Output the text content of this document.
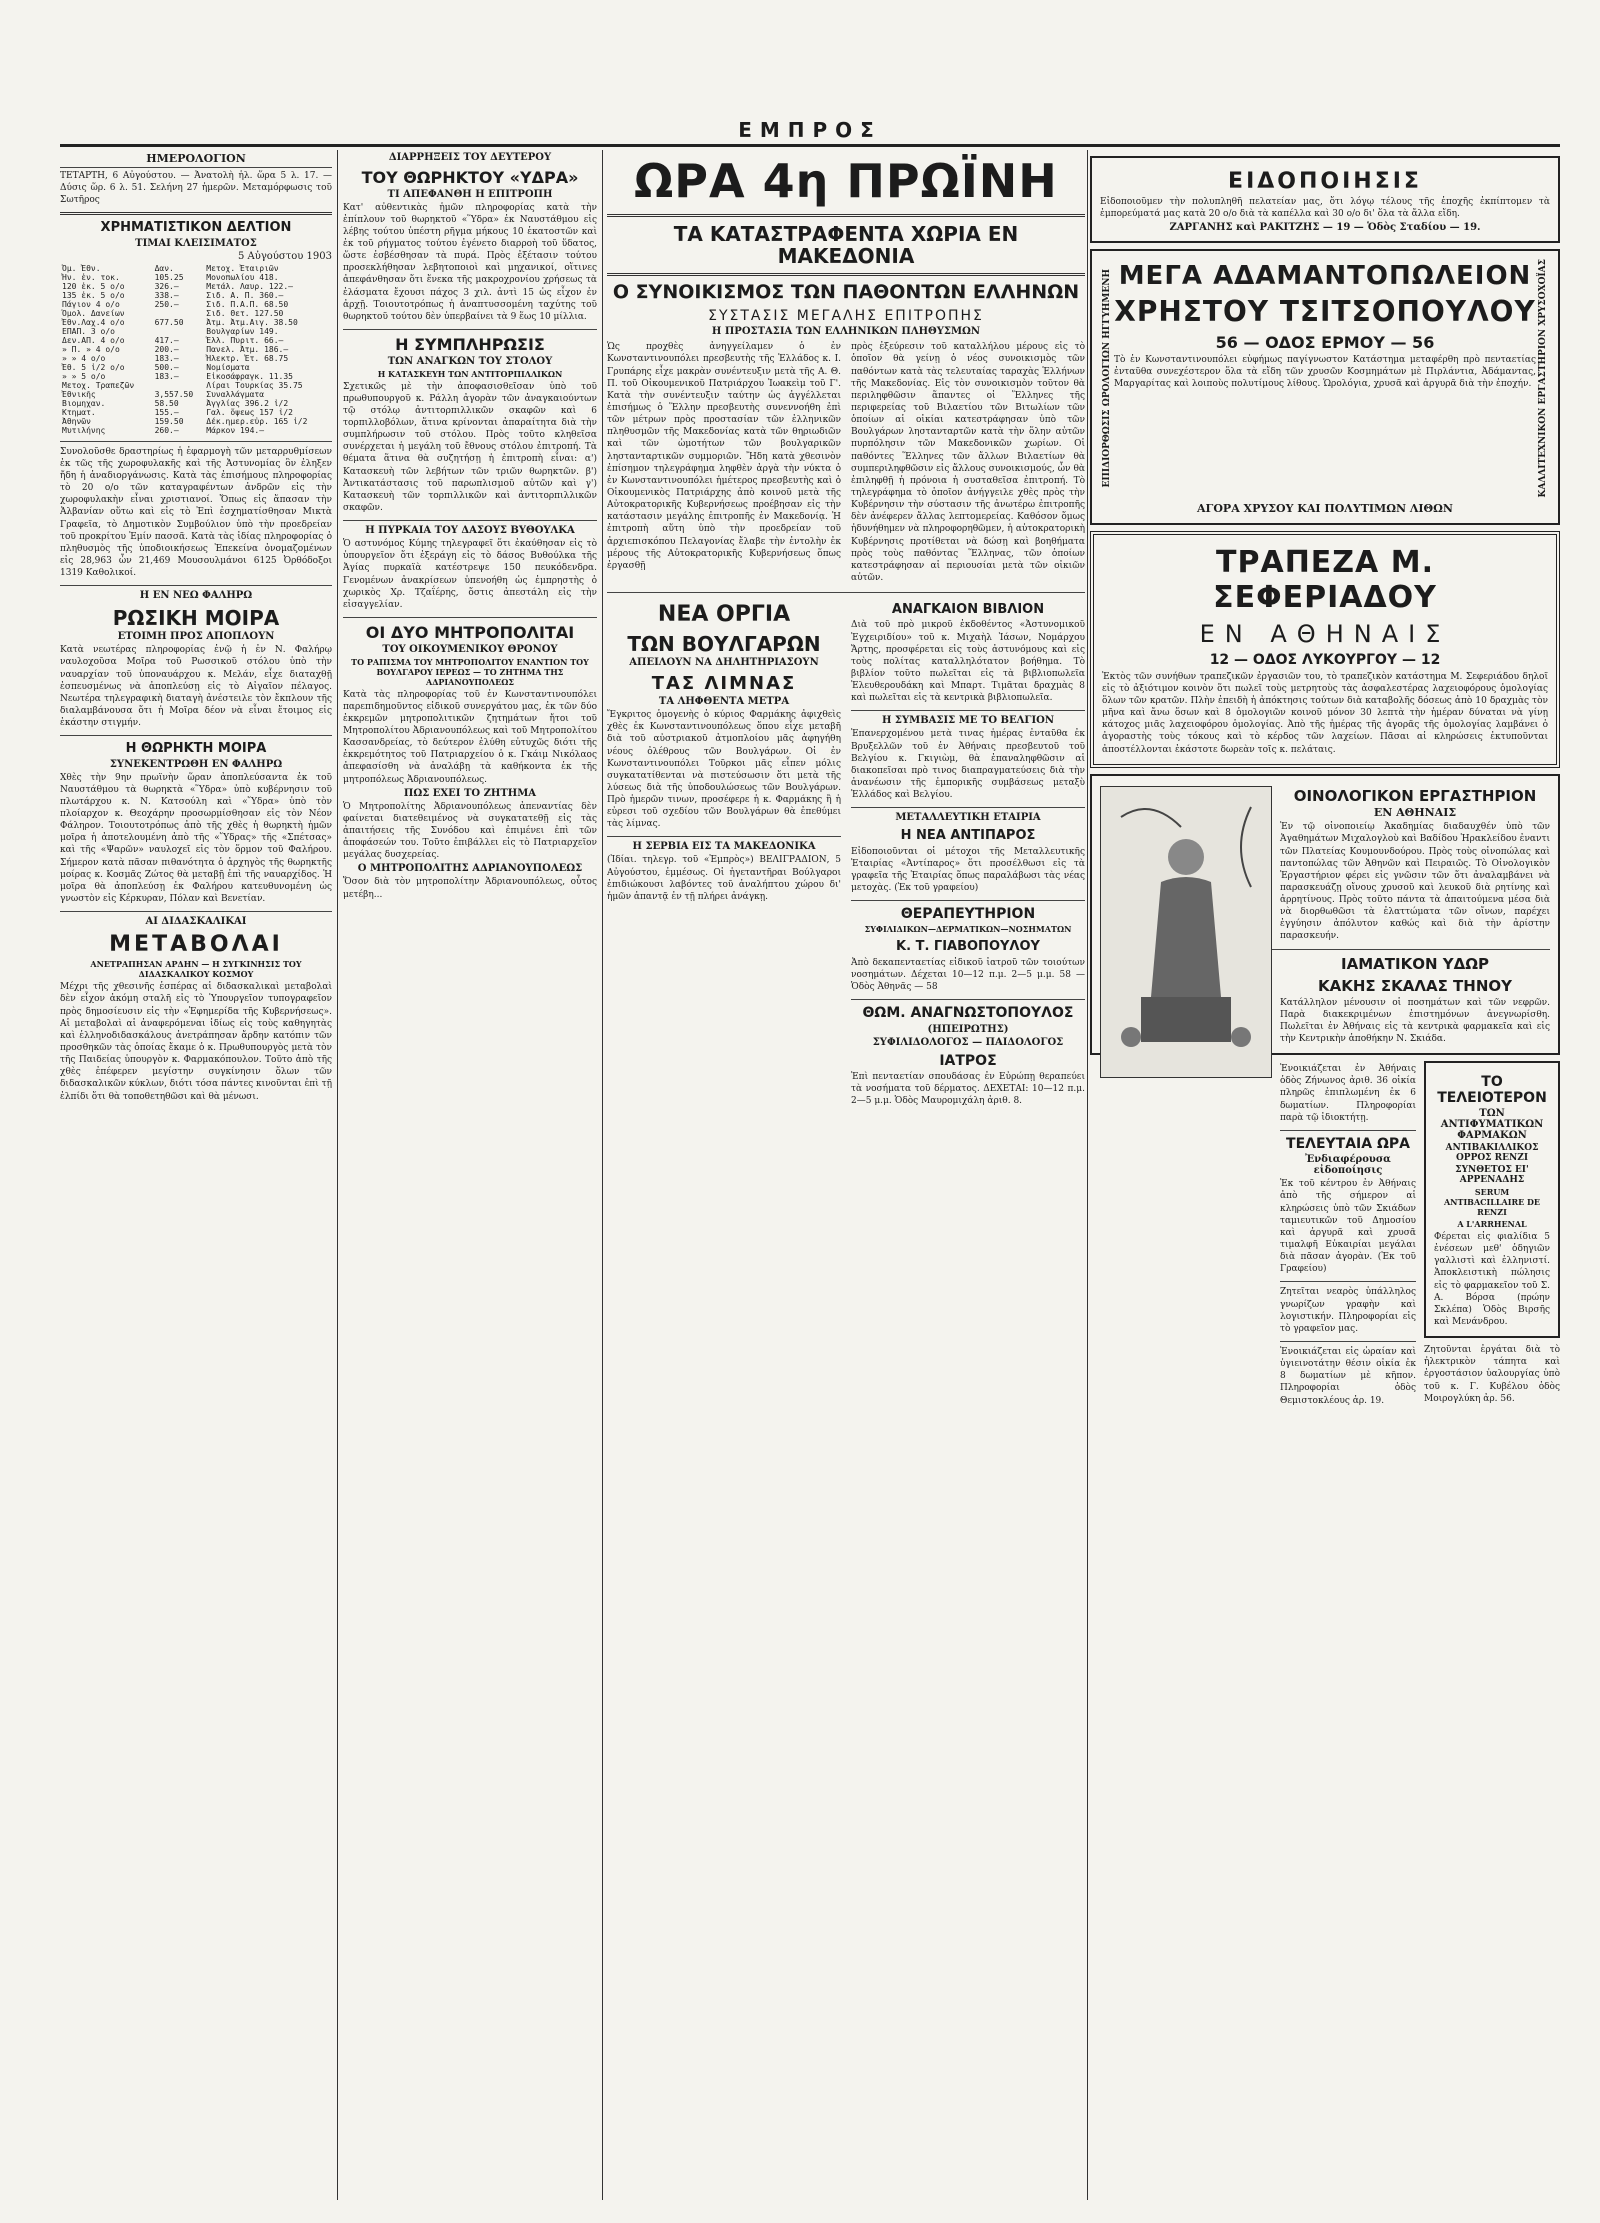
ΕΜΠΡΟΣ
ΗΜΕΡΟΛΟΓΙΟΝ
ΤΕΤΑΡΤΗ, 6 Αὐγούστου. — Ἀνατολὴ ἡλ. ὥρα 5 λ. 17. — Δύσις ὥρ. 6 λ. 51. Σελήνη 27 ἡμερῶν. Μεταμόρφωσις τοῦ Σωτῆρος
ΧΡΗΜΑΤΙΣΤΙΚΟΝ ΔΕΛΤΙΟΝ
ΤΙΜΑΙ ΚΛΕΙΣΙΜΑΤΟΣ
5 Αὐγούστου 1903
Ὀμ. Ἐθν.	Δαν.	Μετοχ. Ἐταιριῶν
Ἠν. ἐν. τοκ.	105.25	Μονοπωλίου 418.
120 ἐκ. 5 ο/ο	326.—	Μετάλ. Λαυρ. 122.—
135 ἐκ. 5 ο/ο	338.—	Σιδ. Α. Π. 360.—
Πάγιον 4 ο/ο	250.—	Σιδ. Π.Α.Π. 68.50
Ὁμολ. Δανείων		Σιδ. Θετ. 127.50
Ἐθν.Λαχ.4 ο/ο	677.50	Ἀτμ. Ἀτμ.Αιγ. 38.50
ΕΠΑΠ. 3 ο/ο		Βουλγαρίων 149.
Δεν.ΑΠ. 4 ο/ο	417.—	Ἑλλ. Πυριτ. 66.—
» Π. » 4 ο/ο	200.—	Πανελ. Ἀτμ. 186.—
» » 4 ο/ο	183.—	Ἠλεκτρ. Ἑτ. 68.75
Ἐθ. 5 ἰ/2 ο/ο	500.—	Νομίσματα
» » 5 ο/ο	183.—	Εἰκοσάφραγκ. 11.35
Μετοχ. Τραπεζῶν		Λίραι Τουρκίας 35.75
Ἐθνικῆς	3,557.50	Συναλλάγματα
Βιομηχαν.	58.50	Ἀγγλίας 396.2 ἰ/2
Κτηματ.	155.—	Γαλ. ὄψεως 157 ἰ/2
Ἀθηνῶν	159.50	Δέκ.ημερ.εὐρ. 165 ἰ/2
Μυτιλήνης	260.—	Μάρκον 194.—
Συνολοῦσθε δραστηρίως ἡ ἐφαρμογὴ τῶν μεταρρυθμίσεων ἐκ τῶς τῆς χωροφυλακῆς καὶ τῆς Ἀστυνομίας ὃν ἐληξεν ἤδη ἡ ἀναδιοργάνωσις. Κατὰ τὰς ἐπισήμους πληροφορίας τὸ 20 ο/ο τῶν καταγραφέντων ἀνδρῶν εἰς τὴν χωροφυλακὴν εἶναι χριστιανοί. Ὅπως εἰς ἅπασαν τὴν Ἀλβανίαν οὕτω καὶ εἰς τὸ Ἐπὶ ἐσχηματίσθησαν Μικτὰ Γραφεῖα, τὸ Δημοτικὸν Συμβούλιον ὑπὸ τὴν προεδρείαν τοῦ προκρίτου Ἐμίν πασσᾶ. Κατὰ τὰς ἰδίας πληροφορίας ὁ πληθυσμὸς τῆς ὑποδιοικήσεως Ἐπεκείνα ὀνομαζομένων εἰς 28,963 ὧν 21,469 Μουσουλμάνοι 6125 Ὀρθόδοξοι 1319 Καθολικοί.
Η ΕΝ ΝΕΩ ΦΑΛΗΡΩ
ΡΩΣΙΚΗ ΜΟΙΡΑ
ΕΤΟΙΜΗ ΠΡΟΣ ΑΠΟΠΛΟΥΝ
Κατὰ νεωτέρας πληροφορίας ἐνῷ ἡ ἐν Ν. Φαλήρῳ ναυλοχοῦσα Μοῖρα τοῦ Ρωσσικοῦ στόλου ὑπὸ τὴν ναυαρχίαν τοῦ ὑποναυάρχου κ. Μελάν, εἶχε διαταχθῇ ἐσπευσμένως νὰ ἀποπλεύσῃ εἰς τὸ Αἰγαῖον πέλαγος. Νεωτέρα τηλεγραφικὴ διαταγὴ ἀνέστειλε τὸν ἔκπλουν τῆς διαλαμβάνουσα ὅτι ἡ Μοῖρα δέον νὰ εἶναι ἕτοιμος εἰς ἑκάστην στιγμήν.
Η ΘΩΡΗΚΤΗ ΜΟΙΡΑ
ΣΥΝΕΚΕΝΤΡΩΘΗ ΕΝ ΦΑΛΗΡΩ
Χθὲς τὴν 9ην πρωϊνὴν ὥραν ἀποπλεύσαντα ἐκ τοῦ Ναυστάθμου τὰ θωρηκτὰ «Ὕδρα» ὑπὸ κυβέρνησιν τοῦ πλωτάρχου κ. Ν. Κατσούλη καὶ «Ὕδρα» ὑπὸ τὸν πλοίαρχον κ. Θεοχάρην προσωρμίσθησαν εἰς τὸν Νέον Φάληρον. Τοιουτοτρόπως ἀπὸ τῆς χθὲς ἡ θωρηκτὴ ἡμῶν μοῖρα ἡ ἀποτελουμένη ἀπὸ τῆς «Ὕδρας» τῆς «Σπέτσας» καὶ τῆς «Ψαρῶν» ναυλοχεῖ εἰς τὸν ὅρμον τοῦ Φαλήρου. Σήμερον κατὰ πᾶσαν πιθανότητα ὁ ἀρχηγὸς τῆς θωρηκτῆς μοίρας κ. Κοσμᾶς Ζώτος θὰ μεταβῇ ἐπὶ τῆς ναυαρχίδος. Ἡ μοῖρα θὰ ἀποπλεύσῃ ἐκ Φαλήρου κατευθυνομένη ὡς γνωστὸν εἰς Κέρκυραν, Πόλαν καὶ Βενετίαν.
ΑΙ ΔΙΔΑΣΚΑΛΙΚΑΙ
ΜΕΤΑΒΟΛΑΙ
ΑΝΕΤΡΑΠΗΣΑΝ ΑΡΔΗΝ — Η ΣΥΓΚΙΝΗΣΙΣ ΤΟΥ ΔΙΔΑΣΚΑΛΙΚΟΥ ΚΟΣΜΟΥ
Μέχρι τῆς χθεσινῆς ἑσπέρας αἱ διδασκαλικαὶ μεταβολαὶ δὲν εἶχον ἀκόμη σταλῆ εἰς τὸ Ὑπουργεῖον τυπογραφεῖον πρὸς δημοσίευσιν εἰς τὴν «Ἐφημερίδα τῆς Κυβερνήσεως». Αἱ μεταβολαὶ αἱ ἀναφερόμεναι ἰδίως εἰς τοὺς καθηγητὰς καὶ ἑλληνοδιδασκάλους ἀνετράπησαν ἄρδην κατόπιν τῶν προσθηκῶν τὰς ὁποίας ἔκαμε ὁ κ. Πρωθυπουργὸς μετὰ τὸν τῆς Παιδείας ὑπουργὸν κ. Φαρμακόπουλον. Τοῦτο ἀπὸ τῆς χθὲς ἐπέφερεν μεγίστην συγκίνησιν ὅλων τῶν διδασκαλικῶν κύκλων, διότι τόσα πάντες κινοῦνται ἐπὶ τῇ ἐλπίδι ὅτι θὰ τοποθετηθῶσι καὶ θὰ μένωσι.
ΔΙΑΡΡΗΞΕΙΣ ΤΟΥ ΔΕΥΤΕΡΟΥ
ΤΟΥ ΘΩΡΗΚΤΟΥ «ΥΔΡΑ»
ΤΙ ΑΠΕΦΑΝΘΗ Η ΕΠΙΤΡΟΠΗ
Κατ' αὐθεντικὰς ἡμῶν πληροφορίας κατὰ τὴν ἐπίπλουν τοῦ θωρηκτοῦ «Ὕδρα» ἐκ Ναυστάθμου εἰς λέβης τούτου ὑπέστη ρῆγμα μήκους 10 ἑκατοστῶν καὶ ἐκ τοῦ ρήγματος τούτου ἐγένετο διαρροὴ τοῦ ὕδατος, ὥστε ἐσβέσθησαν τὰ πυρά. Πρὸς ἐξέτασιν τούτου προσεκλήθησαν λεβητοποιοὶ καὶ μηχανικοί, οἵτινες ἀπεφάνθησαν ὅτι ἕνεκα τῆς μακροχρονίου χρήσεως τὰ ἐλάσματα ἔχουσι πάχος 3 χιλ. ἀντὶ 15 ὡς εἶχον ἐν ἀρχῇ. Τοιουτοτρόπως ἡ ἀναπτυσσομένη ταχύτης τοῦ θωρηκτοῦ τούτου δὲν ὑπερβαίνει τὰ 9 ἕως 10 μίλλια.
Η ΣΥΜΠΛΗΡΩΣΙΣ
ΤΩΝ ΑΝΑΓΚΩΝ ΤΟΥ ΣΤΟΛΟΥ
Η ΚΑΤΑΣΚΕΥΗ ΤΩΝ ΑΝΤΙΤΟΡΠΙΛΛΙΚΩΝ
Σχετικῶς μὲ τὴν ἀποφασισθεῖσαν ὑπὸ τοῦ πρωθυπουργοῦ κ. Ράλλη ἀγορὰν τῶν ἀναγκαιούντων τῷ στόλῳ ἀντιτορπιλλικῶν σκαφῶν καὶ 6 τορπιλλοβόλων, ἅτινα κρίνονται ἀπαραίτητα διὰ τὴν συμπλήρωσιν τοῦ στόλου. Πρὸς τοῦτο κληθεῖσα συνέρχεται ἡ μεγάλη τοῦ ἔθνους στόλου ἐπιτροπή. Τὰ θέματα ἅτινα θὰ συζητήσῃ ἡ ἐπιτροπὴ εἶναι: α') Κατασκευὴ τῶν λεβήτων τῶν τριῶν θωρηκτῶν. β') Ἀντικατάστασις τοῦ παρωπλισμοῦ αὐτῶν καὶ γ') Κατασκευὴ τῶν τορπιλλικῶν καὶ ἀντιτορπιλλικῶν σκαφῶν.
Η ΠΥΡΚΑΙΑ ΤΟΥ ΔΑΣΟΥΣ ΒΥΘΟΥΛΚΑ
Ὁ αστυνόμος Κύμης τηλεγραφεῖ ὅτι ἐκαύθησαν εἰς τὸ ὑπουργεῖον ὅτι ἐξεράγη εἰς τὸ δάσος Βυθούλκα τῆς Ἀγίας πυρκαϊὰ κατέστρεψε 150 πευκόδενδρα. Γενομένων ἀνακρίσεων ὑπενοήθη ὡς ἐμπρηστὴς ὁ χωρικὸς Χρ. Τζαΐέρης, ὅστις ἀπεστάλη εἰς τὴν εἰσαγγελίαν.
ΟΙ ΔΥΟ ΜΗΤΡΟΠΟΛΙΤΑΙ
ΤΟΥ ΟΙΚΟΥΜΕΝΙΚΟΥ ΘΡΟΝΟΥ
ΤΟ ΡΑΠΙΣΜΑ ΤΟΥ ΜΗΤΡΟΠΟΛΙΤΟΥ ΕΝΑΝΤΙΟΝ ΤΟΥ ΒΟΥΛΓΑΡΟΥ ΙΕΡΕΩΣ — ΤΟ ΖΗΤΗΜΑ ΤΗΣ ΑΔΡΙΑΝΟΥΠΟΛΕΩΣ
Κατὰ τὰς πληροφορίας τοῦ ἐν Κωνσταντινουπόλει παρεπιδημοῦντος εἰδικοῦ συνεργάτου μας, ἐκ τῶν δύο ἐκκρεμῶν μητροπολιτικῶν ζητημάτων ἤτοι τοῦ Μητροπολίτου Ἀδριανουπόλεως καὶ τοῦ Μητροπολίτου Κασσανδρείας, τὸ δεύτερον ἐλύθη εὐτυχῶς διότι τῆς ἐκκρεμότητος τοῦ Πατριαρχείου ὁ κ. Γκάιμ Νικόλαος ἀπεφασίσθη νὰ ἀναλάβῃ τὰ καθήκοντα ἐκ τῆς μητροπόλεως Ἀδριανουπόλεως.
ΠΩΣ ΕΧΕΙ ΤΟ ΖΗΤΗΜΑ
Ὁ Μητροπολίτης Ἀδριανουπόλεως ἀπεναντίας δὲν φαίνεται διατεθειμένος νὰ συγκατατεθῇ εἰς τὰς ἀπαιτήσεις τῆς Συνόδου καὶ ἐπιμένει ἐπὶ τῶν ἀποφάσεών του. Τοῦτο ἐπιβάλλει εἰς τὸ Πατριαρχεῖον μεγάλας δυσχερείας.
Ο ΜΗΤΡΟΠΟΛΙΤΗΣ ΑΔΡΙΑΝΟΥΠΟΛΕΩΣ
Ὅσον διὰ τὸν μητροπολίτην Ἀδριανουπόλεως, οὗτος μετέβη...
ΩΡΑ 4η ΠΡΩΪΝΗ
ΤΑ ΚΑΤΑΣΤΡΑΦΕΝΤΑ ΧΩΡΙΑ ΕΝ ΜΑΚΕΔΟΝΙΑ
Ο ΣΥΝΟΙΚΙΣΜΟΣ ΤΩΝ ΠΑΘΟΝΤΩΝ ΕΛΛΗΝΩΝ
ΣΥΣΤΑΣΙΣ ΜΕΓΑΛΗΣ ΕΠΙΤΡΟΠΗΣ
Η ΠΡΟΣΤΑΣΙΑ ΤΩΝ ΕΛΛΗΝΙΚΩΝ ΠΛΗΘΥΣΜΩΝ
Ὡς προχθὲς ἀνηγγείλαμεν ὁ ἐν Κωνσταντινουπόλει πρεσβευτὴς τῆς Ἑλλάδος κ. Ι. Γρυπάρης εἶχε μακρὰν συνέντευξιν μετὰ τῆς Α. Θ. Π. τοῦ Οἰκουμενικοῦ Πατριάρχου Ἰωακεὶμ τοῦ Γ'. Κατὰ τὴν συνέντευξιν ταύτην ὡς ἀγγέλλεται ἐπισήμως ὁ Ἕλλην πρεσβευτὴς συνεννοήθη ἐπὶ τῶν μέτρων πρὸς προστασίαν τῶν ἑλληνικῶν πληθυσμῶν τῆς Μακεδονίας κατὰ τῶν θηριωδιῶν καὶ τῶν ὠμοτήτων τῶν βουλγαρικῶν ληστανταρτικῶν συμμοριῶν. Ἤδη κατὰ χθεσινὸν ἐπίσημον τηλεγράφημα ληφθὲν ἀργὰ τὴν νύκτα ὁ ἐν Κωνσταντινουπόλει ἡμέτερος πρεσβευτὴς καὶ ὁ Οἰκουμενικὸς Πατριάρχης ἀπὸ κοινοῦ μετὰ τῆς Αὐτοκρατορικῆς Κυβερνήσεως προέβησαν εἰς τὴν κατάστασιν μεγάλης ἐπιτροπῆς ἐν Μακεδονίᾳ. Ἡ ἐπιτροπὴ αὕτη ὑπὸ τὴν προεδρείαν τοῦ ἀρχιεπισκόπου Πελαγονίας ἔλαβε τὴν ἐντολὴν ἐκ μέρους τῆς Αὐτοκρατορικῆς Κυβερνήσεως ὅπως ἐργασθῇ
πρὸς ἐξεύρεσιν τοῦ καταλλήλου μέρους εἰς τὸ ὁποῖον θὰ γείνῃ ὁ νέος συνοικισμὸς τῶν παθόντων κατὰ τὰς τελευταίας ταραχὰς Ἑλλήνων τῆς Μακεδονίας. Εἰς τὸν συνοικισμὸν τοῦτον θὰ περιληφθῶσιν ἅπαντες οἱ Ἕλληνες τῆς περιφερείας τοῦ Βιλαετίου τῶν Βιτωλίων τῶν ὁποίων αἱ οἰκίαι κατεστράφησαν ὑπὸ τῶν Βουλγάρων ληστανταρτῶν κατὰ τὴν ὅλην αὐτῶν πυρπόλησιν τῶν Μακεδονικῶν χωρίων. Οἱ παθόντες Ἕλληνες τῶν ἄλλων Βιλαετίων θὰ συμπεριληφθῶσιν εἰς ἄλλους συνοικισμούς, ὧν θὰ ἐπιληφθῇ ἡ πρόνοια ἡ συσταθεῖσα ἐπιτροπή. Τὸ τηλεγράφημα τὸ ὁποῖον ἀνήγγειλε χθὲς πρὸς τὴν Κυβέρνησιν τὴν σύστασιν τῆς ἀνωτέρω ἐπιτροπῆς δὲν ἀνέφερεν ἄλλας λεπτομερείας. Καθόσον ὅμως ἠδυνήθημεν νὰ πληροφορηθῶμεν, ἡ αὐτοκρατορικὴ Κυβέρνησις προτίθεται νὰ δώσῃ καὶ βοηθήματα πρὸς τοὺς παθόντας Ἕλληνας, τῶν ὁποίων κατεστράφησαν αἱ περιουσίαι μετὰ τῶν οἰκιῶν αὐτῶν.
ΝΕΑ ΟΡΓΙΑ
ΤΩΝ ΒΟΥΛΓΑΡΩΝ
ΑΠΕΙΛΟΥΝ ΝΑ ΔΗΛΗΤΗΡΙΑΣΟΥΝ
ΤΑΣ ΛΙΜΝΑΣ
ΤΑ ΛΗΦΘΕΝΤΑ ΜΕΤΡΑ
Ἔγκριτος ὁμογενὴς ὁ κύριος Φαρμάκης ἀφιχθεὶς χθὲς ἐκ Κωνσταντινουπόλεως ὅπου εἶχε μεταβῆ διὰ τοῦ αὐστριακοῦ ἀτμοπλοίου μᾶς ἀφηγήθη νέους ὀλέθρους τῶν Βουλγάρων. Οἱ ἐν Κωνσταντινουπόλει Τοῦρκοι μᾶς εἶπεν μόλις συγκατατίθενται νὰ πιστεύσωσιν ὅτι μετὰ τῆς λύσεως διὰ τῆς ὑποδουλώσεως τῶν Βουλγάρων. Πρὸ ἡμερῶν τινων, προσέφερε ἡ κ. Φαρμάκης ἢ ἡ εὐρεσι τοῦ σχεδίου τῶν Βουλγάρων θὰ ἐπεθύμει τὰς λίμνας.
Η ΣΕΡΒΙΑ ΕΙΣ ΤΑ ΜΑΚΕΔΟΝΙΚΑ
(Ἰδίαι. τηλεγρ. τοῦ «Ἐμπρὸς») ΒΕΛΙΓΡΑΔΙΟΝ, 5 Αὐγούστου, ἐμμέσως. Οἱ ἡγεταντῆραι Βούλγαροι ἐπιδιώκουσι λαβόντες τοῦ ἀναλήπτου χώρου δι' ἡμῶν ἀπαντᾷ ἐν τῇ πλήρει ἀνάγκῃ.
ΑΝΑΓΚΑΙΟΝ ΒΙΒΛΙΟΝ
Διὰ τοῦ πρὸ μικροῦ ἐκδοθέντος «Ἀστυνομικοῦ Ἐγχειριδίου» τοῦ κ. Μιχαὴλ Ἰάσων, Νομάρχου Ἄρτης, προσφέρεται εἰς τοὺς ἀστυνόμους καὶ εἰς τοὺς πολίτας καταλληλότατον βοήθημα. Τὸ βιβλίον τοῦτο πωλεῖται εἰς τὰ βιβλιοπωλεῖα Ἐλευθερουδάκη καὶ Μπαρτ. Τιμᾶται δραχμὰς 8 καὶ πωλεῖται εἰς τὰ κεντρικὰ βιβλιοπωλεῖα.
Η ΣΥΜΒΑΣΙΣ ΜΕ ΤΟ ΒΕΛΓΙΟΝ
Ἐπανερχομένου μετὰ τινας ἡμέρας ἐνταῦθα ἐκ Βρυξελλῶν τοῦ ἐν Ἀθήναις πρεσβευτοῦ τοῦ Βελγίου κ. Γκιγιὼμ, θὰ ἐπαναληφθῶσιν αἱ διακοπεῖσαι πρὸ τινος διαπραγματεύσεις διὰ τὴν ἀνανέωσιν τῆς ἐμπορικῆς συμβάσεως μεταξὺ Ἑλλάδος καὶ Βελγίου.
ΜΕΤΑΛΛΕΥΤΙΚΗ ΕΤΑΙΡΙΑ
Η ΝΕΑ ΑΝΤΙΠΑΡΟΣ
Εἰδοποιοῦνται οἱ μέτοχοι τῆς Μεταλλευτικῆς Ἑταιρίας «Ἀντίπαρος» ὅτι προσέλθωσι εἰς τὰ γραφεῖα τῆς Ἑταιρίας ὅπως παραλάβωσι τὰς νέας μετοχὰς. (Ἐκ τοῦ γραφείου)
ΘΕΡΑΠΕΥΤΗΡΙΟΝ
ΣΥΦΙΛΙΔΙΚΩΝ—ΔΕΡΜΑΤΙΚΩΝ—ΝΟΣΗΜΑΤΩΝ
Κ. Τ. ΓΙΑΒΟΠΟΥΛΟΥ
Ἀπὸ δεκαπενταετίας εἰδικοῦ ἰατροῦ τῶν τοιούτων νοσημάτων. Δέχεται 10—12 π.μ. 2—5 μ.μ. 58 — Ὁδὸς Ἀθηνᾶς — 58
ΘΩΜ. ΑΝΑΓΝΩΣΤΟΠΟΥΛΟΣ
(ΗΠΕΙΡΩΤΗΣ)
ΣΥΦΙΛΙΔΟΛΟΓΟΣ — ΠΑΙΔΟΛΟΓΟΣ
ΙΑΤΡΟΣ
Ἐπὶ πενταετίαν σπουδάσας ἐν Εὐρώπῃ θεραπεύει τὰ νοσήματα τοῦ δέρματος. ΔΕΧΕΤΑΙ: 10—12 π.μ. 2—5 μ.μ. Ὁδὸς Μαυρομιχάλη ἀριθ. 8.
ΕΙΔΟΠΟΙΗΣΙΣ
Εἰδοποιοῦμεν τὴν πολυπληθῆ πελατείαν μας, ὅτι λόγῳ τέλους τῆς ἐποχῆς ἐκπίπτομεν τὰ ἐμπορεύματά μας κατὰ 20 ο/ο διὰ τὰ καπέλλα καὶ 30 ο/ο δι' ὅλα τὰ ἄλλα εἴδη.
ΖΑΡΓΑΝΗΣ καὶ ΡΑΚΙΤΖΗΣ — 19 — Ὁδὸς Σταδίου — 19.
ΕΠΙΔΙΟΡΘΩΣΙΣ ΩΡΟΛΟΓΙΩΝ ΗΓΓΥΗΜΕΝΗ ΜΕΓΑ ΑΔΑΜΑΝΤΟΠΩΛΕΙΟΝ
ΧΡΗΣΤΟΥ ΤΣΙΤΣΟΠΟΥΛΟΥ
56 — ΟΔΟΣ ΕΡΜΟΥ — 56
Τὸ ἐν Κωνσταντινουπόλει εὐφήμως παγίγνωστον Κατάστημα μεταφέρθη πρὸ πενταετίας ἐνταῦθα συνεχέστερον ὅλα τὰ εἴδη τῶν χρυσῶν Κοσμημάτων μὲ Πιρλάντια, Ἀδάμαντας, Μαργαρίτας καὶ λοιποὺς πολυτίμους λίθους. Ὡρολόγια, χρυσᾶ καὶ ἀργυρᾶ διὰ τὴν ἐποχήν. ΚΑΛΛΙΤΕΧΝΙΚΟΝ ΕΡΓΑΣΤΗΡΙΟΝ ΧΡΥΣΟΧΟΪΑΣ
ΑΓΟΡΑ ΧΡΥΣΟΥ ΚΑΙ ΠΟΛΥΤΙΜΩΝ ΛΙΘΩΝ
ΤΡΑΠΕΖΑ Μ. ΣΕΦΕΡΙΑΔΟΥ
ΕΝ ΑΘΗΝΑΙΣ
12 — ΟΔΟΣ ΛΥΚΟΥΡΓΟΥ — 12
Ἐκτὸς τῶν συνήθων τραπεζικῶν ἐργασιῶν του, τὸ τραπεζικὸν κατάστημα Μ. Σεφεριάδου δηλοῖ εἰς τὸ ἀξιότιμον κοινὸν ὅτι πωλεῖ τοὺς μετρητοὺς τὰς ἀσφαλεστέρας λαχειοφόρους ὁμολογίας ὅλων τῶν κρατῶν. Πλὴν ἐπειδὴ ἡ ἀπόκτησις τούτων διὰ καταβολῆς δόσεως ἀπὸ 10 δραχμὰς τὸν μῆνα καὶ ἄνω ὅσων καὶ 8 ὁμολογιῶν κοινοῦ μόνον 30 λεπτὰ τὴν ἡμέραν δύναται νὰ γίνῃ κάτοχος μιᾶς λαχειοφόρου ὁμολογίας. Ἀπὸ τῆς ἡμέρας τῆς ἀγορᾶς τῆς ὁμολογίας λαμβάνει ὁ ἀγοραστὴς τοὺς τόκους καὶ τὸ κέρδος τῶν λαχείων. Πᾶσαι αἱ κληρώσεις ἐκτυποῦνται ἀποστέλλονται ἑκάστοτε δωρεὰν τοῖς κ. πελάταις.
ΟΙΝΟΛΟΓΙΚΟΝ ΕΡΓΑΣΤΗΡΙΟΝ
ΕΝ ΑΘΗΝΑΙΣ
Ἐν τῷ οἰνοποιείῳ Ἀκαδημίας διαδαυχθέν ὑπὸ τῶν Ἀγαθημάτων Μιχαλογλοὺ καὶ Βαδίδου Ἡρακλείδου ἐναντι τῶν Πλατείας Κουμουνδούρου. Πρὸς τοὺς οἰνοπώλας καὶ παντοπώλας τῶν Ἀθηνῶν καὶ Πειραιῶς. Τὸ Οἰνολογικὸν Ἐργαστήριον φέρει εἰς γνῶσιν τῶν ὅτι ἀναλαμβάνει νὰ παρασκευάζῃ οἴνους χρυσοῦ καὶ λευκοῦ διὰ ρητίνης καὶ ἀρρητίνους. Πρὸς τοῦτο πάντα τὰ ἀπαιτούμενα μέσα διὰ νὰ διορθωθῶσι τὰ ἐλαττώματα τῶν οἴνων, παρέχει ἐγγύησιν ἀπόλυτον καθώς καὶ διὰ τὴν ἀρίστην παρασκευήν.
ΙΑΜΑΤΙΚΟΝ ΥΔΩΡ
ΚΑΚΗΣ ΣΚΑΛΑΣ ΤΗΝΟΥ
Κατάλληλον μένουσιν οἱ ποσημάτων καὶ τῶν νεφρῶν. Παρὰ διακεκριμένων ἐπιστημόνων ἀνεγνωρίσθη. Πωλεῖται ἐν Ἀθήναις εἰς τὰ κεντρικὰ φαρμακεῖα καὶ εἰς τὴν Κεντρικὴν ἀποθήκην Ν. Σκιάδα.
Ἐνοικιάζεται ἐν Ἀθήναις ὁδὸς Ζήνωνος ἀριθ. 36 οἰκία πληρῶς ἐπιπλωμένη ἐκ 6 δωματίων. Πληροφορίαι παρὰ τῷ ἰδιοκτήτῃ.
ΤΕΛΕΥΤΑΙΑ ΩΡΑ
Ἐνδιαφέρουσα εἰδοποίησις
Ἐκ τοῦ κέντρου ἐν Ἀθήναις ἀπὸ τῆς σήμερον αἱ κληρώσεις ὑπὸ τῶν Σκιάδων ταμιευτικῶν τοῦ Δημοσίου καὶ ἀργυρᾶ καὶ χρυσᾶ τιμαλφῆ Εὐκαιρίαι μεγάλαι διὰ πᾶσαν ἀγορὰν. (Ἐκ τοῦ Γραφείου)
Ζητεῖται νεαρὸς ὑπάλληλος γνωρίζων γραφὴν καὶ λογιστικήν. Πληροφορίαι εἰς τὸ γραφεῖον μας.
Ἐνοικιάζεται εἰς ὡραίαν καὶ ὑγιεινοτάτην θέσιν οἰκία ἐκ 8 δωματίων μὲ κῆπον. Πληροφορίαι ὁδὸς Θεμιστοκλέους ἀρ. 19.
ΤΟ ΤΕΛΕΙΟΤΕΡΟΝ
ΤΩΝ ΑΝΤΙΦΥΜΑΤΙΚΩΝ ΦΑΡΜΑΚΩΝ
ΑΝΤΙΒΑΚΙΛΛΙΚΟΣ ΟΡΡΟΣ RENZI
ΣΥΝΘΕΤΟΣ ΕΙ' ΑΡΡΕΝΑΔΗΣ
SERUM ANTIBACILLAIRE DE RENZI
A L'ARRHENAL
Φέρεται εἰς φιαλίδια 5 ἐνέσεων μεθ' ὁδηγιῶν γαλλιστὶ καὶ ἑλληνιστί. Ἀποκλειστικὴ πώλησις εἰς τὸ φαρμακεῖον τοῦ Σ. Α. Βόρσα (πρώην Σκλέπα) Ὁδὸς Βιρσῆς καὶ Μενάνδρου.
Ζητοῦνται ἐργάται διὰ τὸ ἠλεκτρικὸν τάπητα καὶ ἐργοστάσιον ὑαλουργίας ὑπὸ τοῦ κ. Γ. Κυβέλου ὁδὸς Μοιρογλύκη ἀρ. 56.
